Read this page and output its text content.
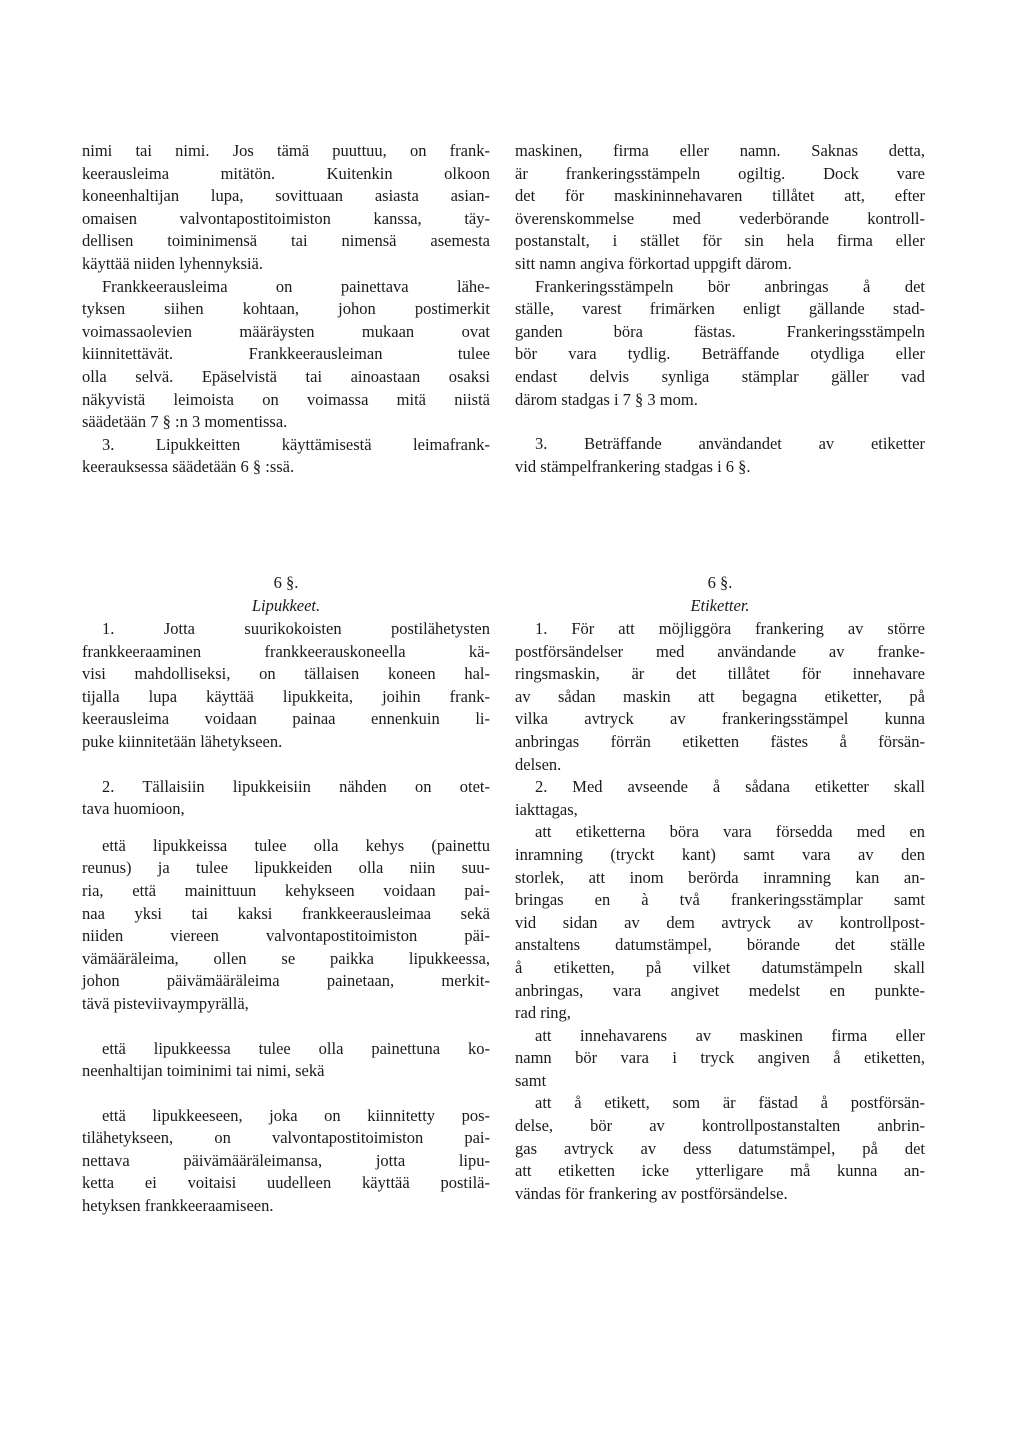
nimi tai nimi. Jos tämä puuttuu, on frank-
keerausleima mitätön. Kuitenkin olkoon
koneenhaltijan lupa, sovittuaan asiasta asian-
omaisen valvontapostitoimiston kanssa, täy-
dellisen toiminimensä tai nimensä asemesta
käyttää niiden lyhennyksiä.
Frankkeerausleima on painettava lähe-
tyksen siihen kohtaan, johon postimerkit
voimassaolevien määräysten mukaan ovat
kiinnitettävät. Frankkeerausleiman tulee
olla selvä. Epäselvistä tai ainoastaan osaksi
näkyvistä leimoista on voimassa mitä niistä
säädetään 7 § :n 3 momentissa.
3. Lipukkeitten käyttämisestä leimafrank-
keerauksessa säädetään 6 § :ssä.
maskinen, firma eller namn. Saknas detta,
är frankeringsstämpeln ogiltig. Dock vare
det för maskininnehavaren tillåtet att, efter
överenskommelse med vederbörande kontroll-
postanstalt, i stället för sin hela firma eller
sitt namn angiva förkortad uppgift därom.
Frankeringsstämpeln bör anbringas å det
ställe, varest frimärken enligt gällande stad-
ganden böra fästas. Frankeringsstämpeln
bör vara tydlig. Beträffande otydliga eller
endast delvis synliga stämplar gäller vad
därom stadgas i 7 § 3 mom.
3. Beträffande användandet av etiketter
vid stämpelfrankering stadgas i 6 §.
6 §.
Lipukkeet.
1. Jotta suurikokoisten postilähetysten
frankkeeraaminen frankkeerauskoneella kä-
visi mahdolliseksi, on tällaisen koneen hal-
tijalla lupa käyttää lipukkeita, joihin frank-
keerausleima voidaan painaa ennenkuin li-
puke kiinnitetään lähetykseen.
2. Tällaisiin lipukkeisiin nähden on otet-
tava huomioon,
että lipukkeissa tulee olla kehys (painettu
reunus) ja tulee lipukkeiden olla niin suu-
ria, että mainittuun kehykseen voidaan pai-
naa yksi tai kaksi frankkeerausleimaa sekä
niiden viereen valvontapostitoimiston päi-
vämääräleima, ollen se paikka lipukkeessa,
johon päivämääräleima painetaan, merkit-
tävä pisteviivaympyrällä,
että lipukkeessa tulee olla painettuna ko-
neenhaltijan toiminimi tai nimi, sekä
että lipukkeeseen, joka on kiinnitetty pos-
tilähetykseen, on valvontapostitoimiston pai-
nettava päivämääräleimansa, jotta lipu-
ketta ei voitaisi uudelleen käyttää postilä-
hetyksen frankkeeraamiseen.
6 §.
Etiketter.
1. För att möjliggöra frankering av större
postförsändelser med användande av franke-
ringsmaskin, är det tillåtet för innehavare
av sådan maskin att begagna etiketter, på
vilka avtryck av frankeringsstämpel kunna
anbringas förrän etiketten fästes å försän-
delsen.
2. Med avseende å sådana etiketter skall
iakttagas,
att etiketterna böra vara försedda med en
inramning (tryckt kant) samt vara av den
storlek, att inom berörda inramning kan an-
bringas en à två frankeringsstämplar samt
vid sidan av dem avtryck av kontrollpost-
anstaltens datumstämpel, börande det ställe
å etiketten, på vilket datumstämpeln skall
anbringas, vara angivet medelst en punkte-
rad ring,
att innehavarens av maskinen firma eller
namn bör vara i tryck angiven å etiketten,
samt
att å etikett, som är fästad å postförsän-
delse, bör av kontrollpostanstalten anbrin-
gas avtryck av dess datumstämpel, på det
att etiketten icke ytterligare må kunna an-
vändas för frankering av postförsändelse.
